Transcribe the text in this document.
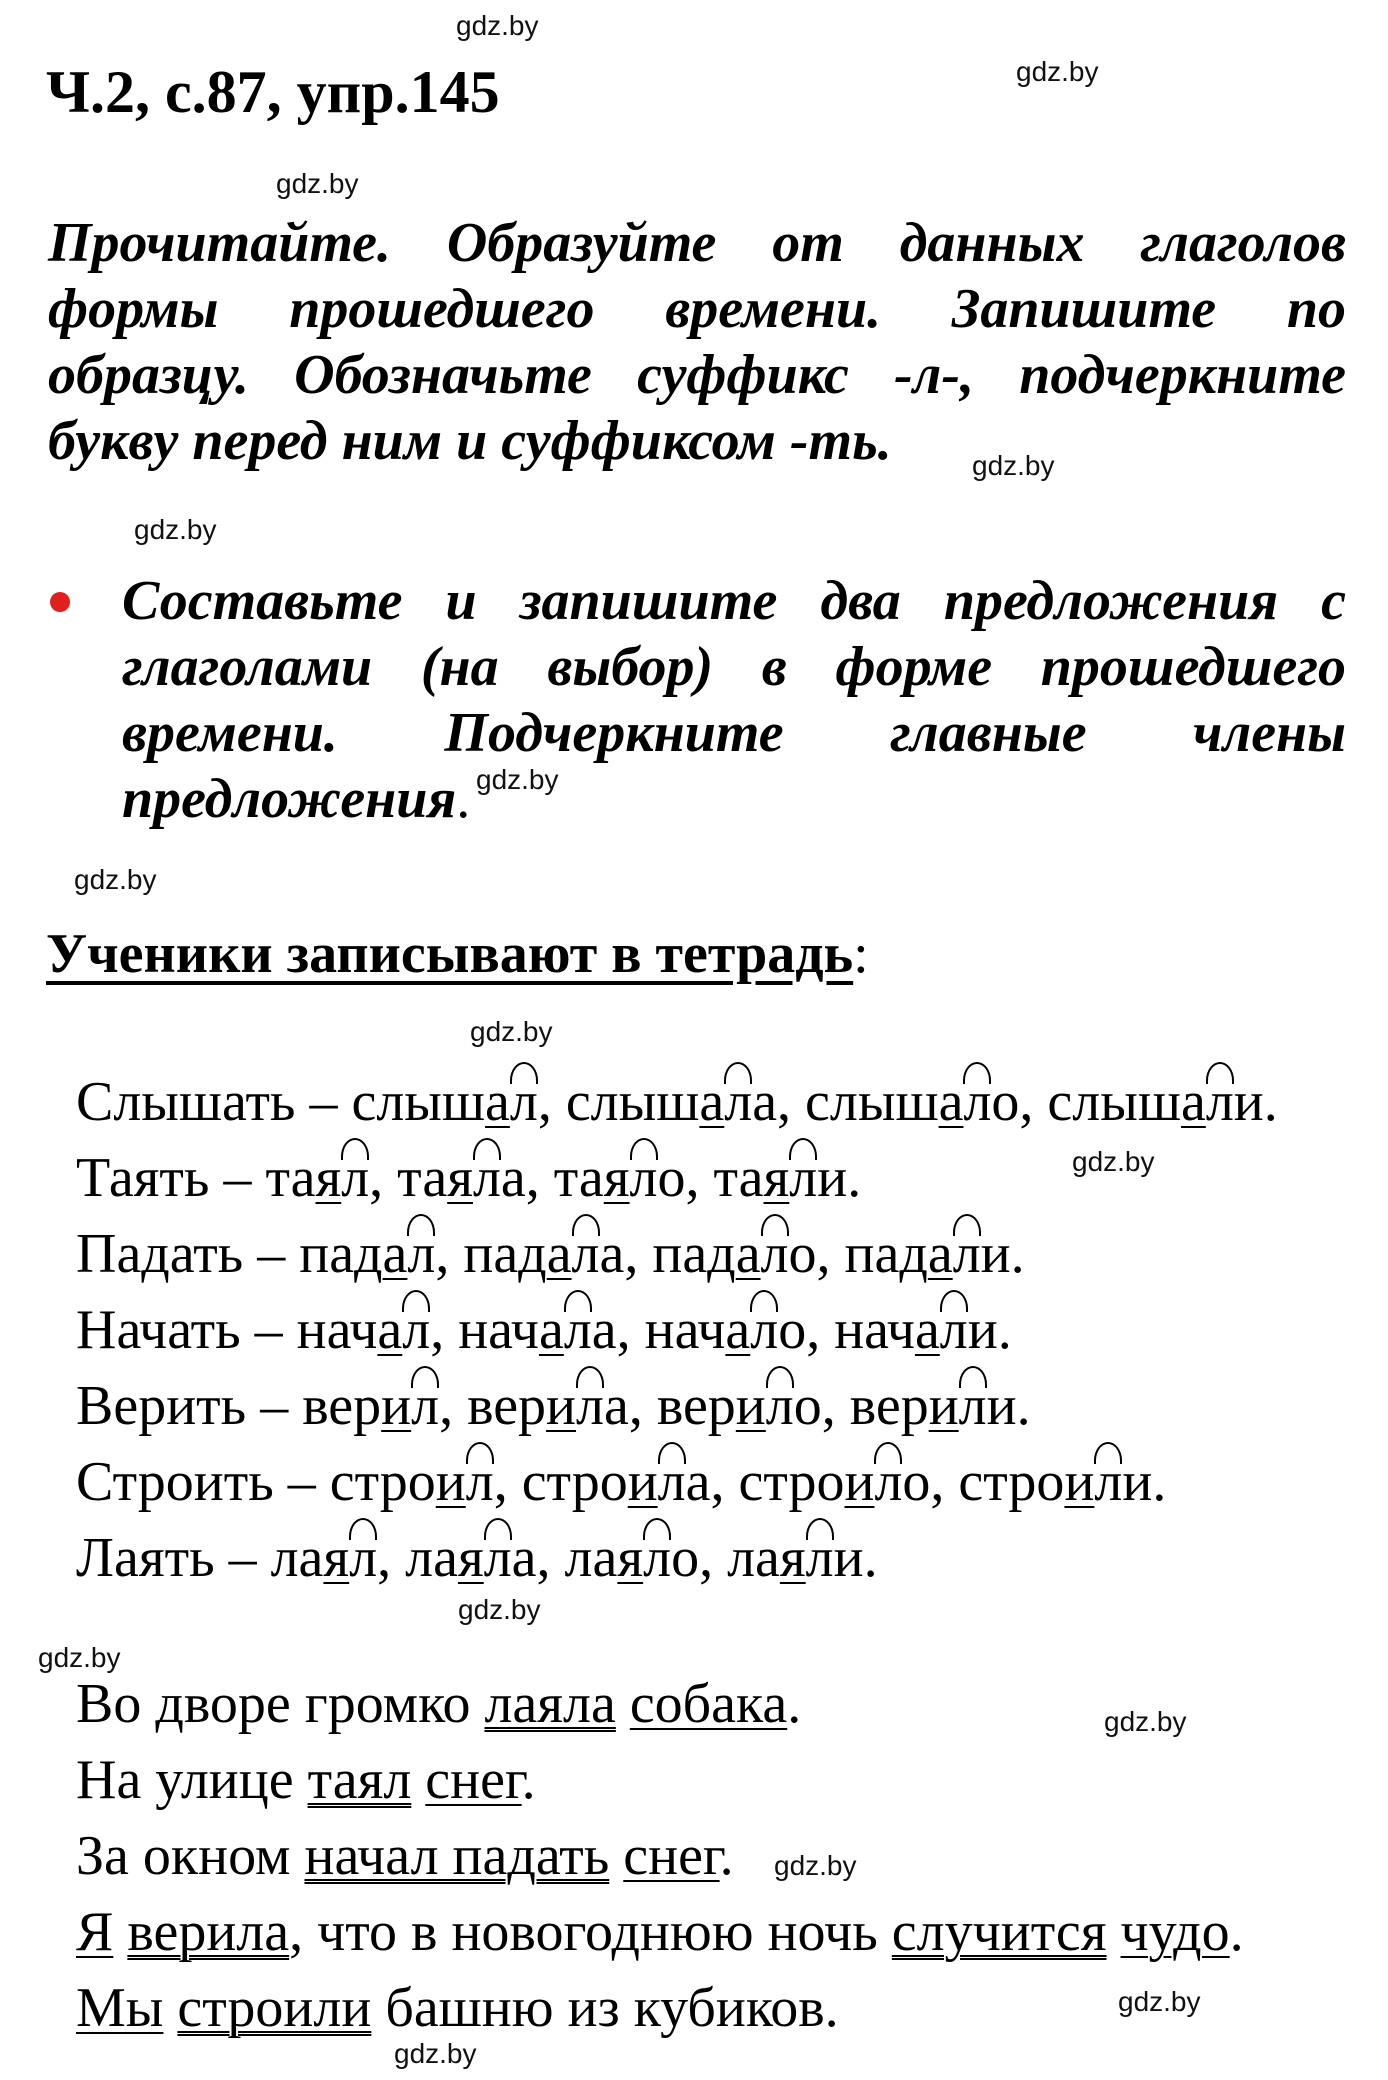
gdz.by
gdz.by
gdz.by
gdz.by
gdz.by
gdz.by
gdz.by
gdz.by
gdz.by
gdz.by
gdz.by
gdz.by
gdz.by
gdz.by
gdz.by
Ч.2, с.87, упр.145
Прочитайте. Образуйте от данных глаголов
формы прошедшего времени. Запишите по
образцу. Обозначьте суффикс -л-, подчеркните
букву перед ним и суффиксом -ть.
Составьте и запишите два предложения с
глаголами (на выбор) в форме прошедшего
времени. Подчеркните главные члены
предложения.
Ученики записывают в тетрадь:
Слышать – слышал, слышала, слышало, слышали.
Таять – таял, таяла, таяло, таяли.
Падать – падал, падала, падало, падали.
Начать – начал, начала, начало, начали.
Верить – верил, верила, верило, верили.
Строить – строил, строила, строило, строили.
Лаять – лаял, лаяла, лаяло, лаяли.
Во дворе громко лаяла собака.
На улице таял снег.
За окном начал падать снег.
Я верила, что в новогоднюю ночь случится чудо.
Мы строили башню из кубиков.
